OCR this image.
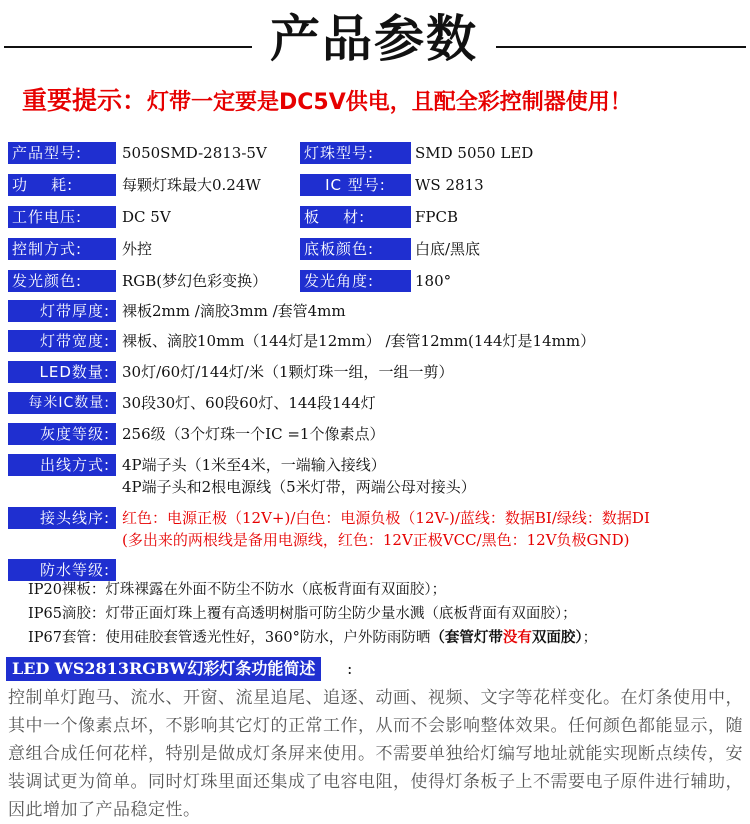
产品参数
重要提示：灯带一定要是DC5V供电，且配全彩控制器使用！
产品型号:	5050SMD-2813-5V 灯珠型号:	SMD 5050 LED
功    耗:	每颗灯珠最大0.24W	IC 型号:	WS 2813
工作电压:	DC 5V	板    材:	FPCB
控制方式:	外控	底板颜色:	白底/黑底
发光颜色:	RGB(梦幻色彩变换） 发光角度:	180°
灯带厚度: 裸板2mm /滴胶3mm /套管4mm
灯带宽度: 裸板、滴胶10mm（144灯是12mm） /套管12mm(144灯是14mm）
LED数量: 30灯/60灯/144灯/米（1颗灯珠一组，一组一剪）
每米IC数量: 30段30灯、60段60灯、144段144灯
灰度等级: 256级（3个灯珠一个IC =1个像素点）
出线方式: 4P端子头（1米至4米，一端输入接线）
4P端子头和2根电源线（5米灯带，两端公母对接头）
接头线序: 红色：电源正极（12V+)/白色：电源负极（12V-)/蓝线：数据BI/绿线：数据DI
(多出来的两根线是备用电源线，红色：12V正极VCC/黑色：12V负极GND)
防水等级:
IP20裸板：灯珠裸露在外面不防尘不防水（底板背面有双面胶）；
IP65滴胶：灯带正面灯珠上覆有高透明树脂可防尘防少量水溅（底板背面有双面胶）；
IP67套管：使用硅胶套管透光性好，360°防水，户外防雨防晒（套管灯带没有双面胶）；
LED WS2813RGBW幻彩灯条功能简述	:
控制单灯跑马、流水、开窗、流星追尾、追逐、动画、视频、文字等花样变化。在灯条使用中，其中一个像素点坏，不影响其它灯的正常工作，从而不会影响整体效果。任何颜色都能显示，随意组合成任何花样，特别是做成灯条屏来使用。不需要单独给灯编写地址就能实现断点续传，安装调试更为简单。同时灯珠里面还集成了电容电阻，使得灯条板子上不需要电子原件进行辅助，因此增加了产品稳定性。
